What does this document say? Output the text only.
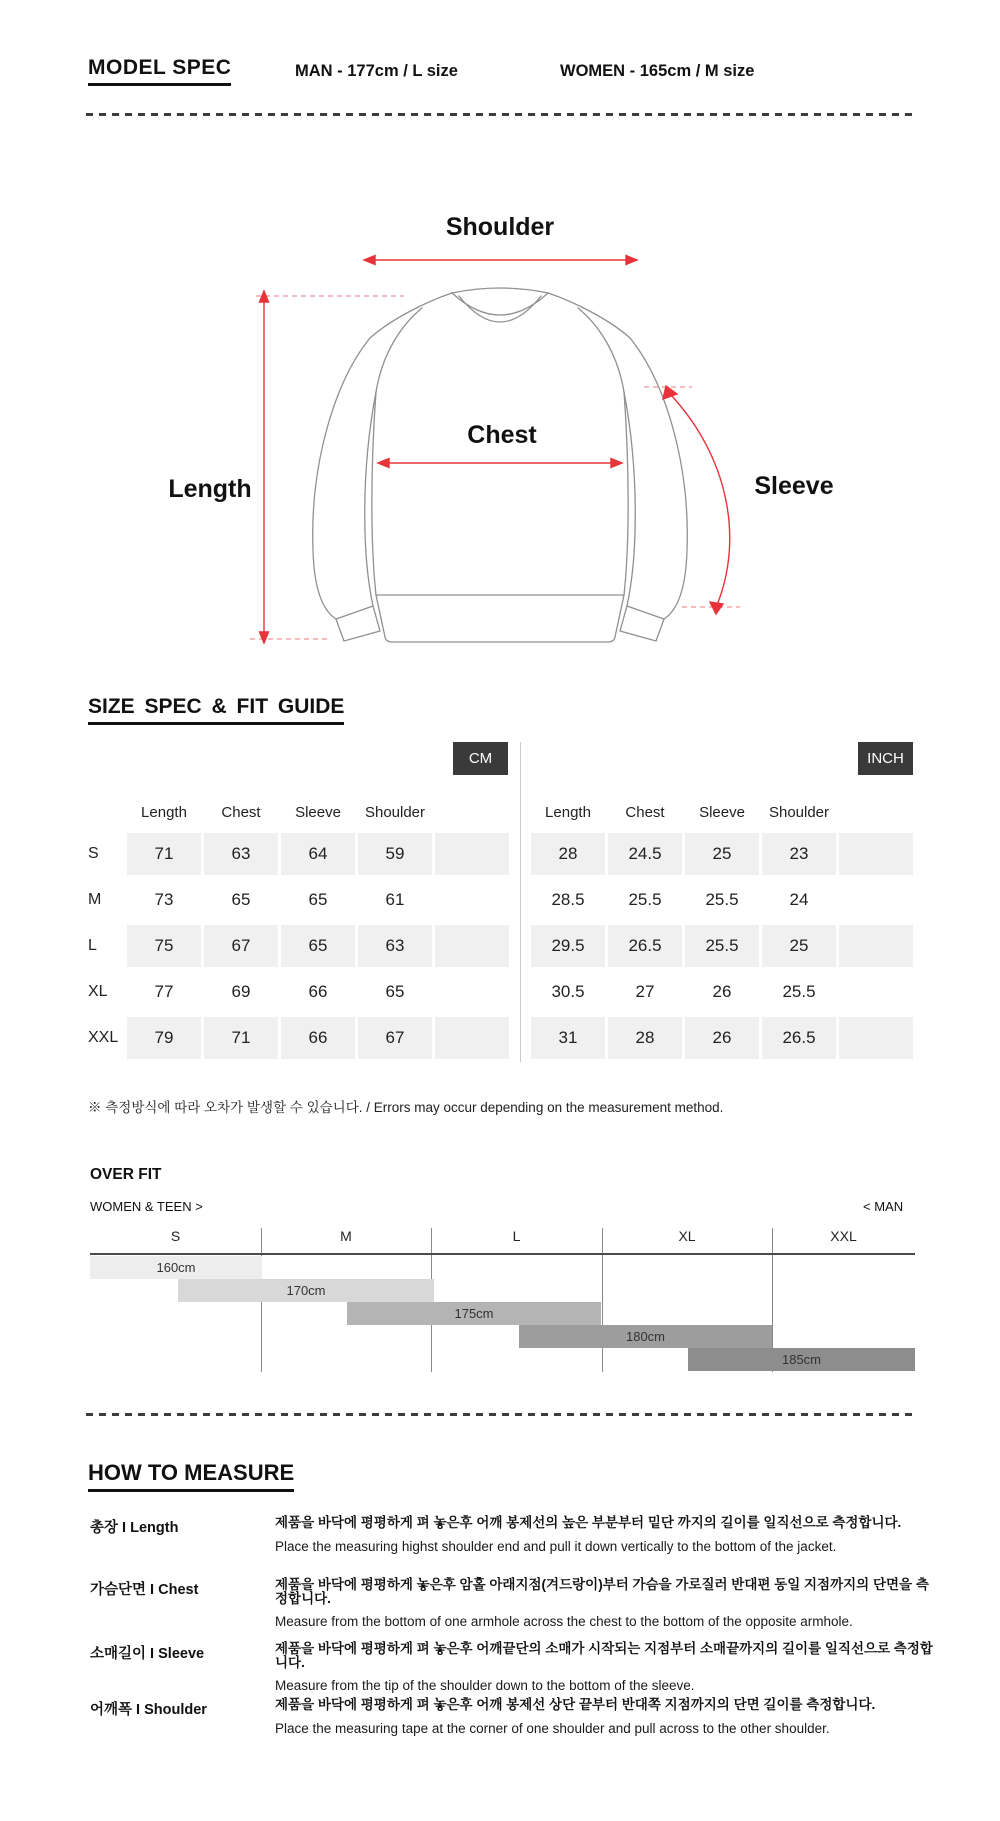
MODEL SPEC	MAN - 177cm / L size	WOMEN - 165cm / M size
Shoulder
Length
Chest
Sleeve
SIZE SPEC & FIT GUIDE
CM	INCH
Length	Chest	Sleeve	Shoulder
S	71	63	64	59
M	73	65	65	61
L	75	67	65	63
XL	77	69	66	65
XXL	79	71	66	67
Length	Chest	Sleeve	Shoulder
28	24.5	25	23
28.5	25.5	25.5	24
29.5	26.5	25.5	25
30.5	27	26	25.5
31	28	26	26.5
※ 측정방식에 따라 오차가 발생할 수 있습니다. / Errors may occur depending on the measurement method.
OVER FIT
WOMEN & TEEN >	< MAN
S	M	L	XL	XXL
160cm
170cm
175cm
180cm
185cm
HOW TO MEASURE
총장 I Length	제품을 바닥에 평평하게 펴 놓은후 어깨 봉제선의 높은 부분부터 밑단 까지의 길이를 일직선으로 측정합니다.
Place the measuring highst shoulder end and pull it down vertically to the bottom of the jacket.
가슴단면 I Chest	제품을 바닥에 평평하게 놓은후 암홀 아래지점(겨드랑이)부터 가슴을 가로질러 반대편 동일 지점까지의 단면을 측정합니다.
Measure from the bottom of one armhole across the chest to the bottom of the opposite armhole.
소매길이 I Sleeve	제품을 바닥에 평평하게 펴 놓은후 어깨끝단의 소매가 시작되는 지점부터 소매끝까지의 길이를 일직선으로 측정합니다.
Measure from the tip of the shoulder down to the bottom of the sleeve.
어깨폭 I Shoulder	제품을 바닥에 평평하게 펴 놓은후 어깨 봉제선 상단 끝부터 반대쪽 지점까지의 단면 길이를 측정합니다.
Place the measuring tape at the corner of one shoulder and pull across to the other shoulder.
